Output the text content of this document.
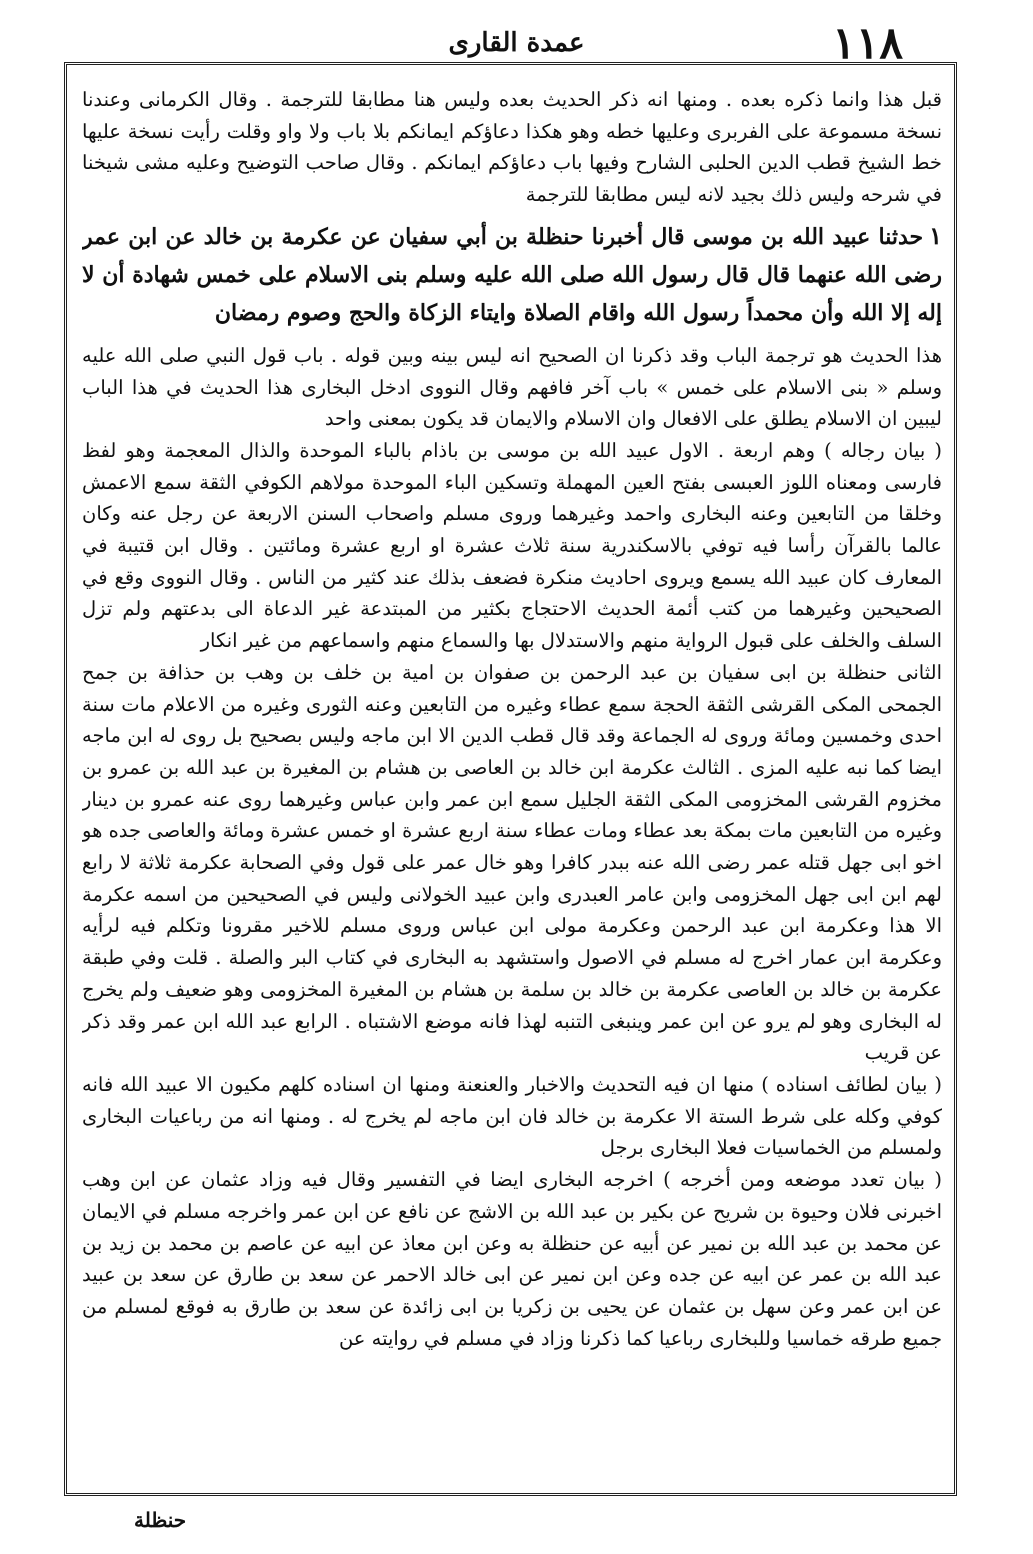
١١٨
عمدة القارى

قبل هذا وانما ذكره بعده . ومنها انه ذكر الحديث بعده وليس هنا مطابقا للترجمة . وقال الكرمانى وعندنا نسخة مسموعة على الفربرى وعليها خطه وهو هكذا دعاؤكم ايمانكم بلا باب ولا واو وقلت رأيت نسخة عليها خط الشيخ قطب الدين الحلبى الشارح وفيها باب دعاؤكم ايمانكم . وقال صاحب التوضيح وعليه مشى شيخنا في شرحه وليس ذلك بجيد لانه ليس مطابقا للترجمة

١حدثنا عبيد الله بن موسى قال أخبرنا حنظلة بن أبي سفيان عن عكرمة بن خالد عن ابن عمر رضى الله عنهما قال قال رسول الله صلى الله عليه وسلم بنى الاسلام على خمس شهادة أن لا إله إلا الله وأن محمداً رسول الله واقام الصلاة وايتاء الزكاة والحج وصوم رمضان

هذا الحديث هو ترجمة الباب وقد ذكرنا ان الصحيح انه ليس بينه وبين قوله . باب قول النبي صلى الله عليه وسلم « بنى الاسلام على خمس » باب آخر فافهم وقال النووى ادخل البخارى هذا الحديث في هذا الباب ليبين ان الاسلام يطلق على الافعال وان الاسلام والايمان قد يكون بمعنى واحد

( بيان رجاله ) وهم اربعة . الاول عبيد الله بن موسى بن باذام بالباء الموحدة والذال المعجمة وهو لفظ فارسى ومعناه اللوز العبسى بفتح العين المهملة وتسكين الباء الموحدة مولاهم الكوفي الثقة سمع الاعمش وخلقا من التابعين وعنه البخارى واحمد وغيرهما وروى مسلم واصحاب السنن الاربعة عن رجل عنه وكان عالما بالقرآن رأسا فيه توفي بالاسكندرية سنة ثلاث عشرة او اربع عشرة ومائتين . وقال ابن قتيبة في المعارف كان عبيد الله يسمع ويروى احاديث منكرة فضعف بذلك عند كثير من الناس . وقال النووى وقع في الصحيحين وغيرهما من كتب أئمة الحديث الاحتجاج بكثير من المبتدعة غير الدعاة الى بدعتهم ولم تزل السلف والخلف على قبول الرواية منهم والاستدلال بها والسماع منهم واسماعهم من غير انكار

الثانى حنظلة بن ابى سفيان بن عبد الرحمن بن صفوان بن امية بن خلف بن وهب بن حذافة بن جمح الجمحى المكى القرشى الثقة الحجة سمع عطاء وغيره من التابعين وعنه الثورى وغيره من الاعلام مات سنة احدى وخمسين ومائة وروى له الجماعة وقد قال قطب الدين الا ابن ماجه وليس بصحيح بل روى له ابن ماجه ايضا كما نبه عليه المزى . الثالث عكرمة ابن خالد بن العاصى بن هشام بن المغيرة بن عبد الله بن عمرو بن مخزوم القرشى المخزومى المكى الثقة الجليل سمع ابن عمر وابن عباس وغيرهما روى عنه عمرو بن دينار وغيره من التابعين مات بمكة بعد عطاء ومات عطاء سنة اربع عشرة او خمس عشرة ومائة والعاصى جده هو اخو ابى جهل قتله عمر رضى الله عنه ببدر كافرا وهو خال عمر على قول وفي الصحابة عكرمة ثلاثة لا رابع لهم ابن ابى جهل المخزومى وابن عامر العبدرى وابن عبيد الخولانى وليس في الصحيحين من اسمه عكرمة الا هذا وعكرمة ابن عبد الرحمن وعكرمة مولى ابن عباس وروى مسلم للاخير مقرونا وتكلم فيه لرأيه وعكرمة ابن عمار اخرج له مسلم في الاصول واستشهد به البخارى في كتاب البر والصلة . قلت وفي طبقة عكرمة بن خالد بن العاصى عكرمة بن خالد بن سلمة بن هشام بن المغيرة المخزومى وهو ضعيف ولم يخرج له البخارى وهو لم يرو عن ابن عمر وينبغى التنبه لهذا فانه موضع الاشتباه . الرابع عبد الله ابن عمر وقد ذكر عن قريب

( بيان لطائف اسناده ) منها ان فيه التحديث والاخبار والعنعنة ومنها ان اسناده كلهم مكيون الا عبيد الله فانه كوفي وكله على شرط الستة الا عكرمة بن خالد فان ابن ماجه لم يخرج له . ومنها انه من رباعيات البخارى ولمسلم من الخماسيات فعلا البخارى برجل

( بيان تعدد موضعه ومن أخرجه ) اخرجه البخارى ايضا في التفسير وقال فيه وزاد عثمان عن ابن وهب اخبرنى فلان وحيوة بن شريح عن بكير بن عبد الله بن الاشج عن نافع عن ابن عمر واخرجه مسلم في الايمان عن محمد بن عبد الله بن نمير عن أبيه عن حنظلة به وعن ابن معاذ عن ابيه عن عاصم بن محمد بن زيد بن عبد الله بن عمر عن ابيه عن جده وعن ابن نمير عن ابى خالد الاحمر عن سعد بن طارق عن سعد بن عبيد عن ابن عمر وعن سهل بن عثمان عن يحيى بن زكريا بن ابى زائدة عن سعد بن طارق به فوقع لمسلم من جميع طرقه خماسيا وللبخارى رباعيا كما ذكرنا وزاد في مسلم في روايته عن

حنظلة
